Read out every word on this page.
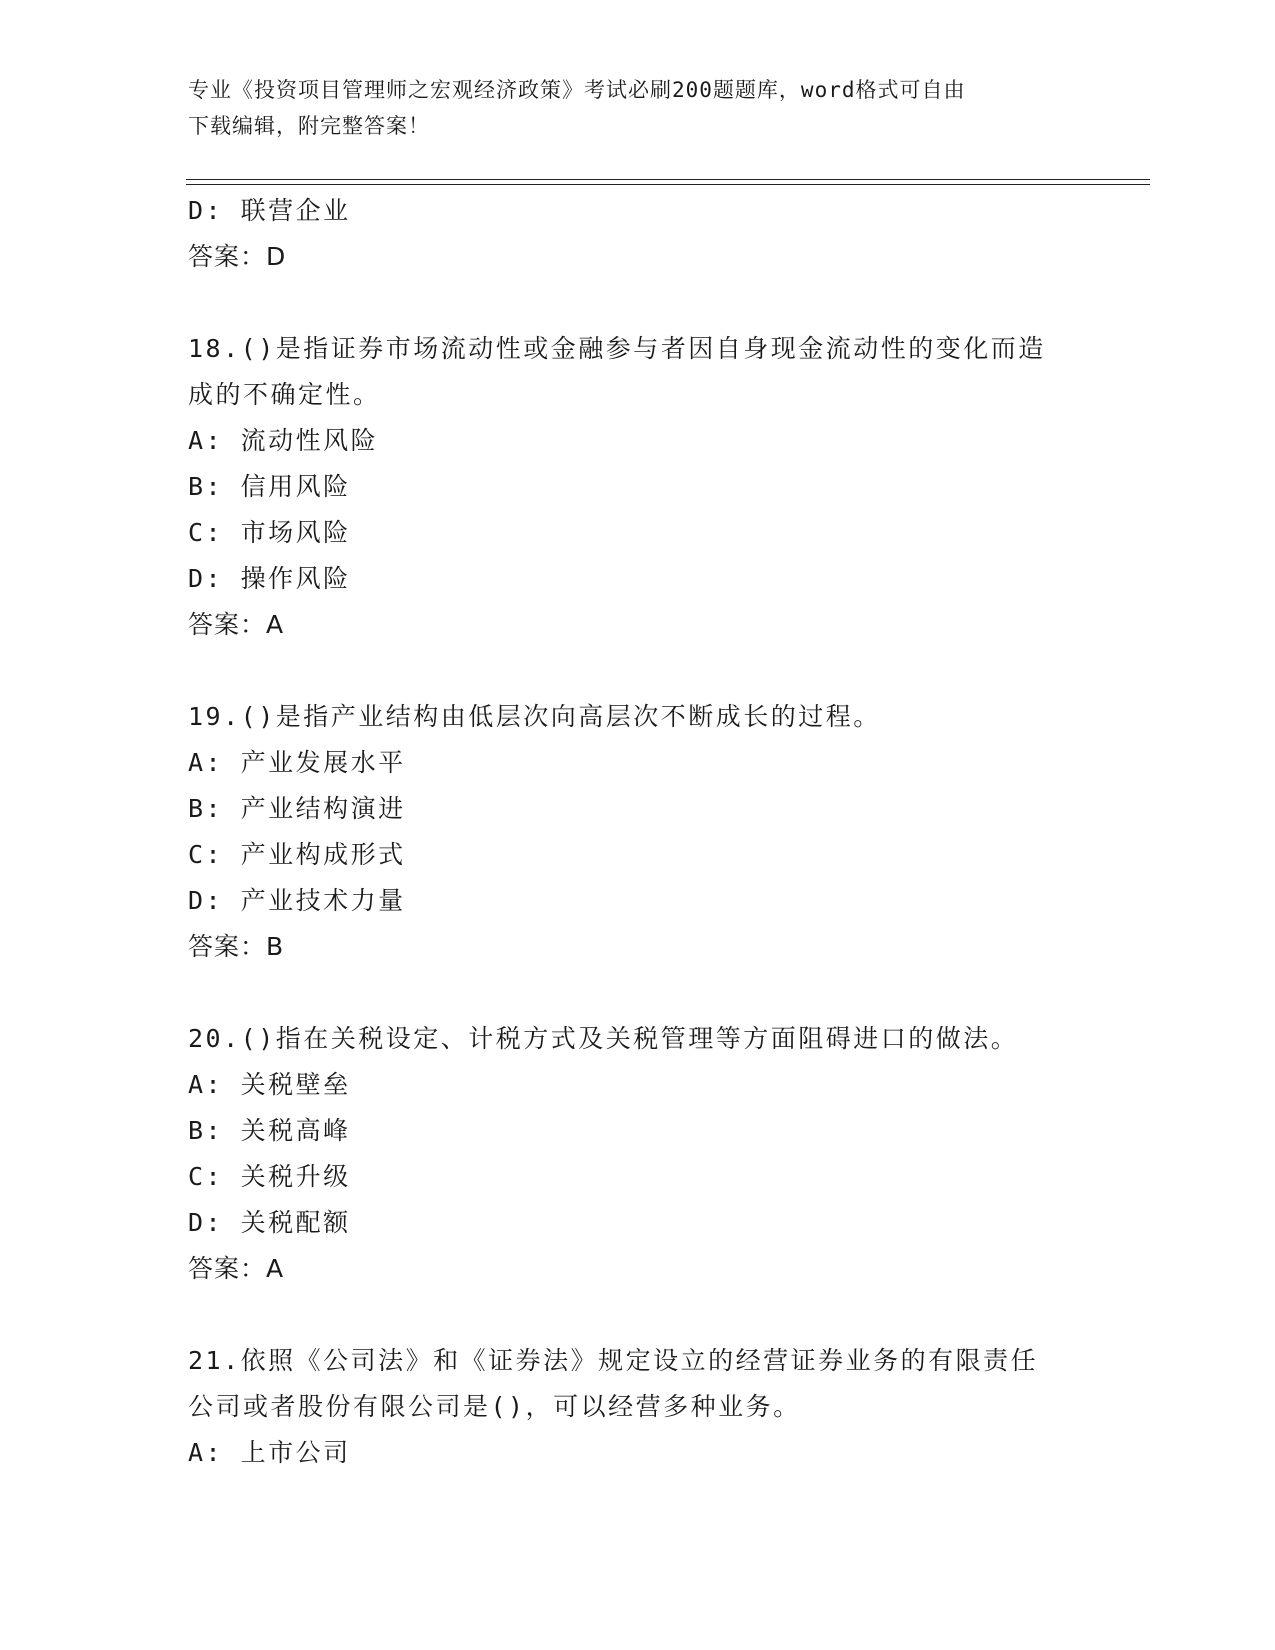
专业《投资项目管理师之宏观经济政策》考试必刷200题题库，word格式可自由
下载编辑，附完整答案！
D: 联营企业
答案：D
18.()是指证券市场流动性或金融参与者因自身现金流动性的变化而造
成的不确定性。
A: 流动性风险
B: 信用风险
C: 市场风险
D: 操作风险
答案：A
19.()是指产业结构由低层次向高层次不断成长的过程。
A: 产业发展水平
B: 产业结构演进
C: 产业构成形式
D: 产业技术力量
答案：B
20.()指在关税设定、计税方式及关税管理等方面阻碍进口的做法。
A: 关税壁垒
B: 关税高峰
C: 关税升级
D: 关税配额
答案：A
21.依照《公司法》和《证券法》规定设立的经营证券业务的有限责任
公司或者股份有限公司是()，可以经营多种业务。
A: 上市公司
